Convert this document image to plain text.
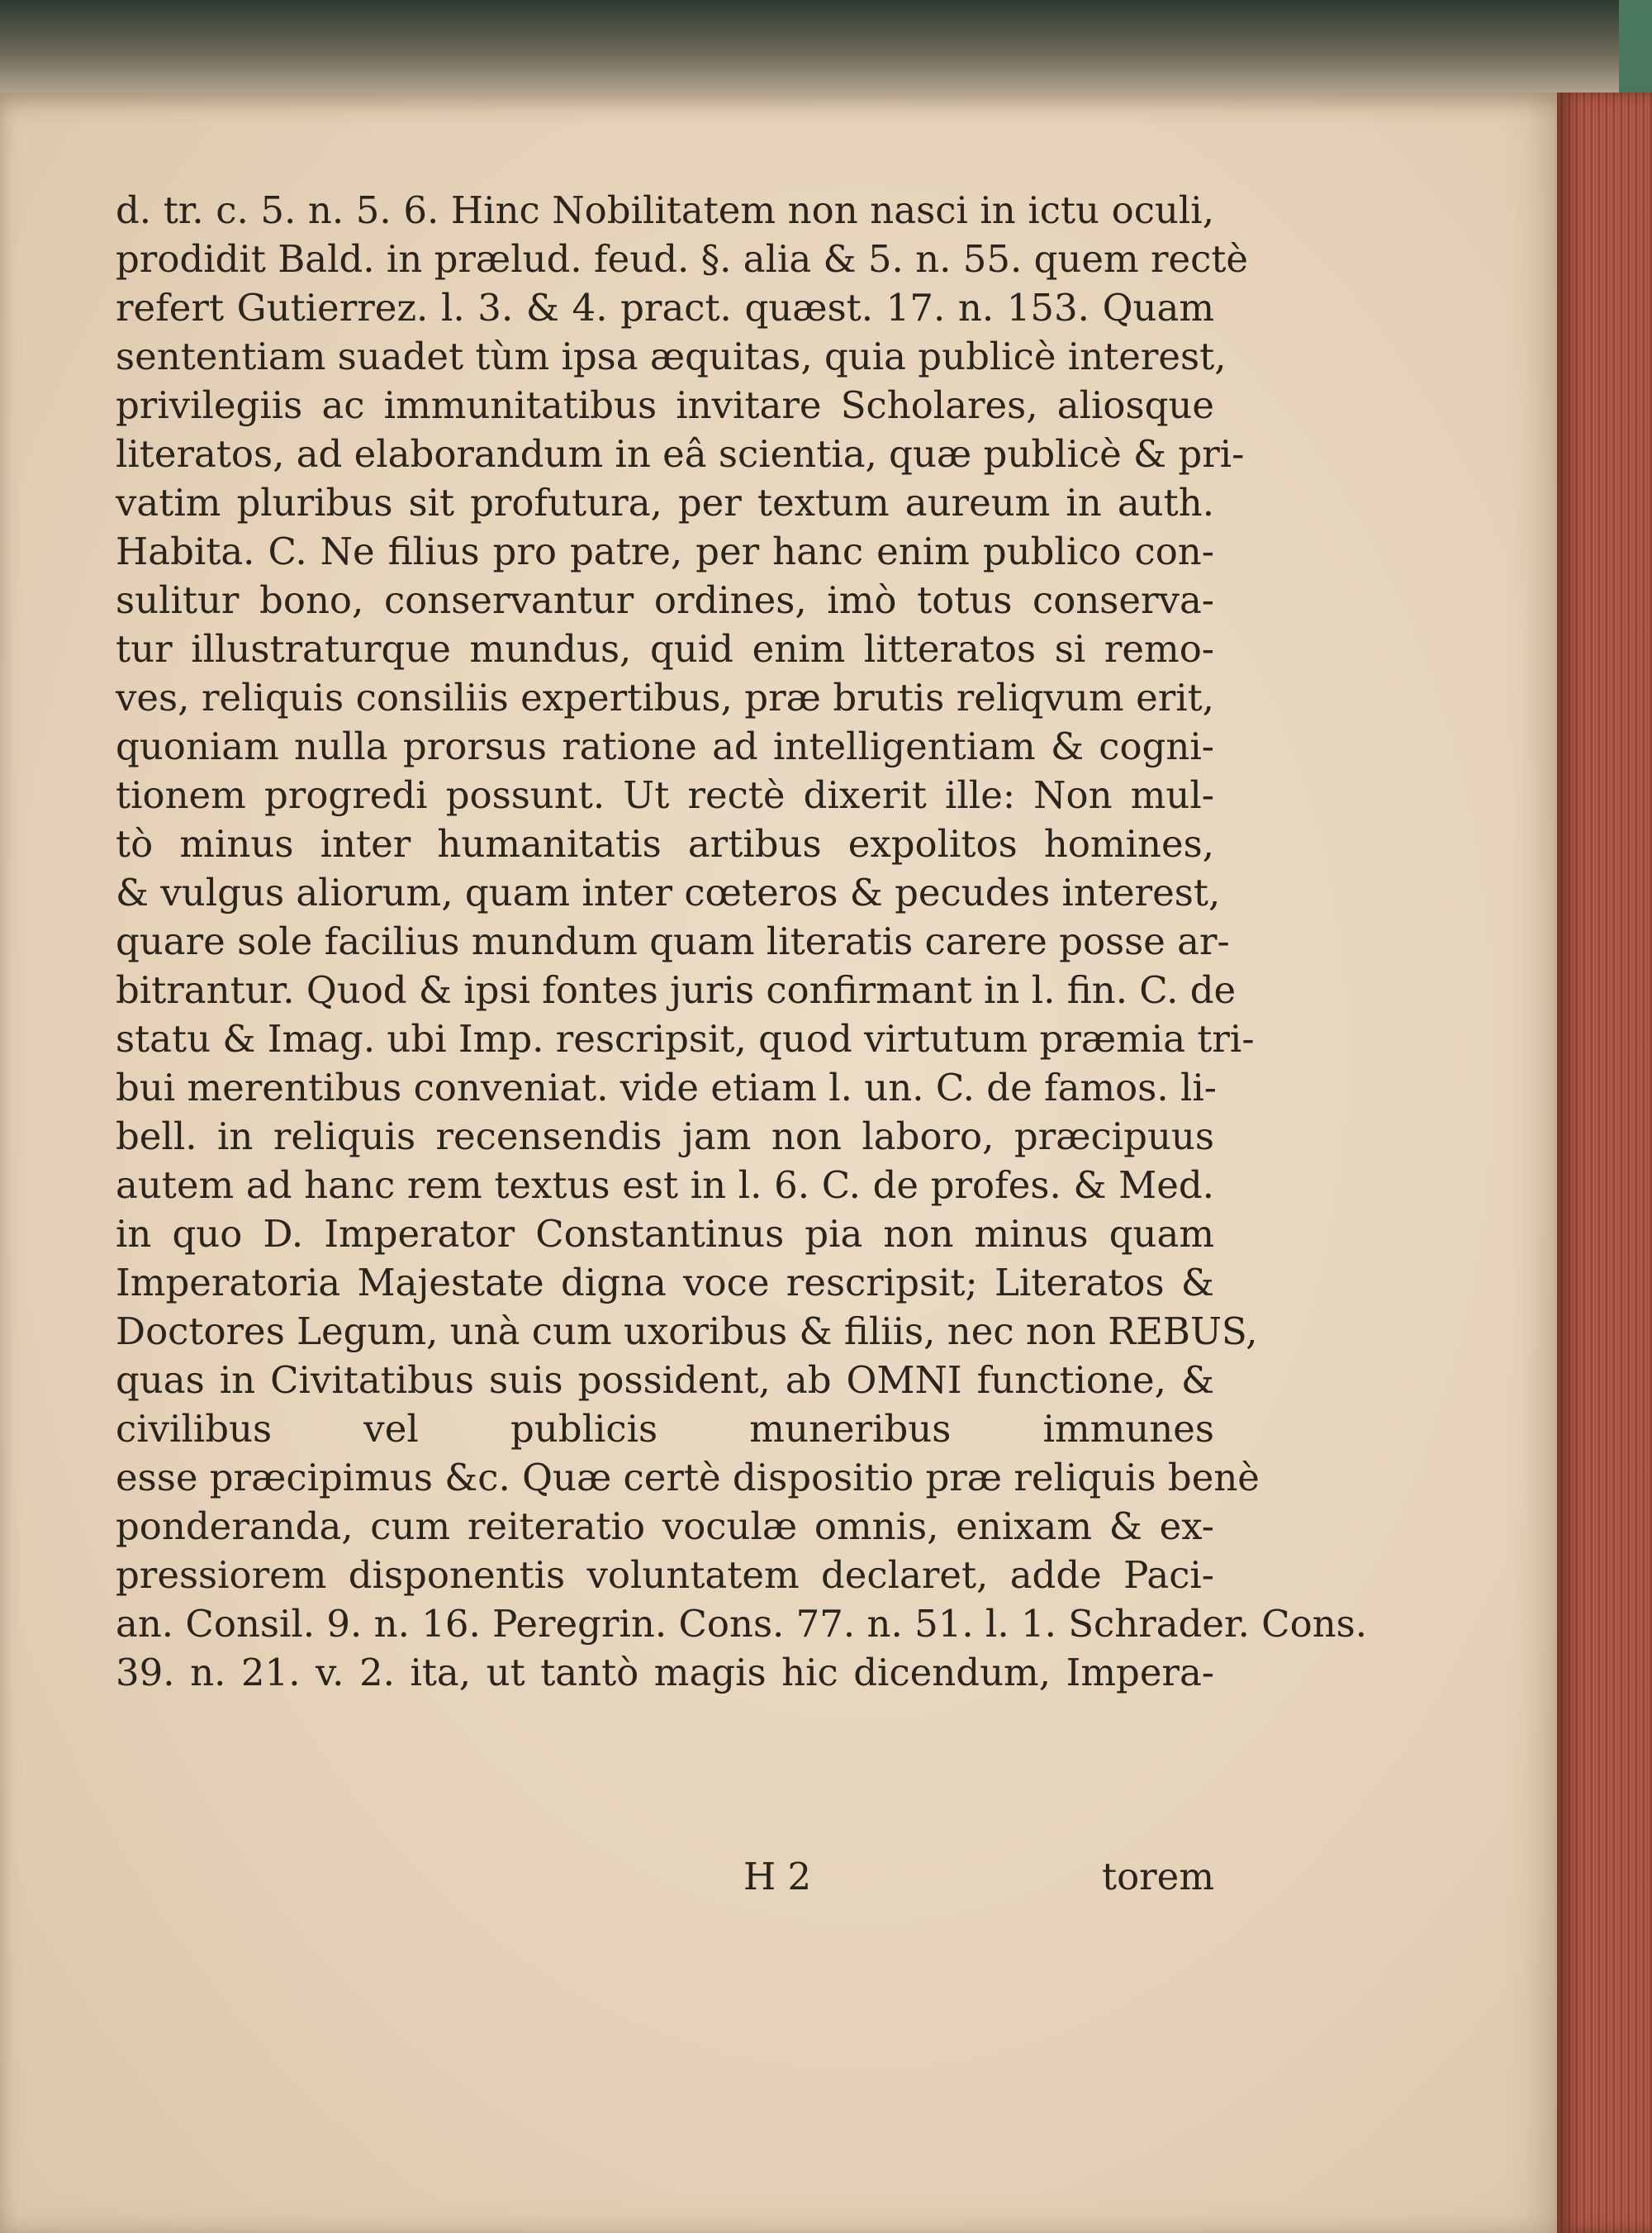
d. tr. c. 5. n. 5. 6. Hinc Nobilitatem non nasci in ictu oculi,
prodidit Bald. in prælud. feud. §. alia & 5. n. 55. quem rectè
refert Gutierrez. l. 3. & 4. pract. quæst. 17. n. 153. Quam
sententiam suadet tùm ipsa æquitas, quia publicè interest,
privilegiis ac immunitatibus invitare Scholares, aliosque
literatos, ad elaborandum in eâ scientia, quæ publicè & pri-
vatim pluribus sit profutura, per textum aureum in auth.
Habita. C. Ne filius pro patre, per hanc enim publico con-
sulitur bono, conservantur ordines, imò totus conserva-
tur illustraturque mundus, quid enim litteratos si remo-
ves, reliquis consiliis expertibus, præ brutis reliqvum erit,
quoniam nulla prorsus ratione ad intelligentiam & cogni-
tionem progredi possunt. Ut rectè dixerit ille: Non mul-
tò minus inter humanitatis artibus expolitos homines,
& vulgus aliorum, quam inter cœteros & pecudes interest,
quare sole facilius mundum quam literatis carere posse ar-
bitrantur. Quod & ipsi fontes juris confirmant in l. fin. C. de
statu & Imag. ubi Imp. rescripsit, quod virtutum præmia tri-
bui merentibus conveniat. vide etiam l. un. C. de famos. li-
bell. in reliquis recensendis jam non laboro, præcipuus
autem ad hanc rem textus est in l. 6. C. de profes. & Med.
in quo D. Imperator Constantinus pia non minus quam
Imperatoria Majestate digna voce rescripsit; Literatos &
Doctores Legum, unà cum uxoribus & filiis, nec non REBUS,
quas in Civitatibus suis possident, ab OMNI functione, &
civilibus vel publicis muneribus immunes
esse præcipimus &c. Quæ certè dispositio præ reliquis benè
ponderanda, cum reiteratio voculæ omnis, enixam & ex-
pressiorem disponentis voluntatem declaret, adde Paci-
an. Consil. 9. n. 16. Peregrin. Cons. 77. n. 51. l. 1. Schrader. Cons.
39. n. 21. v. 2. ita, ut tantò magis hic dicendum, Impera-
H 2	torem
